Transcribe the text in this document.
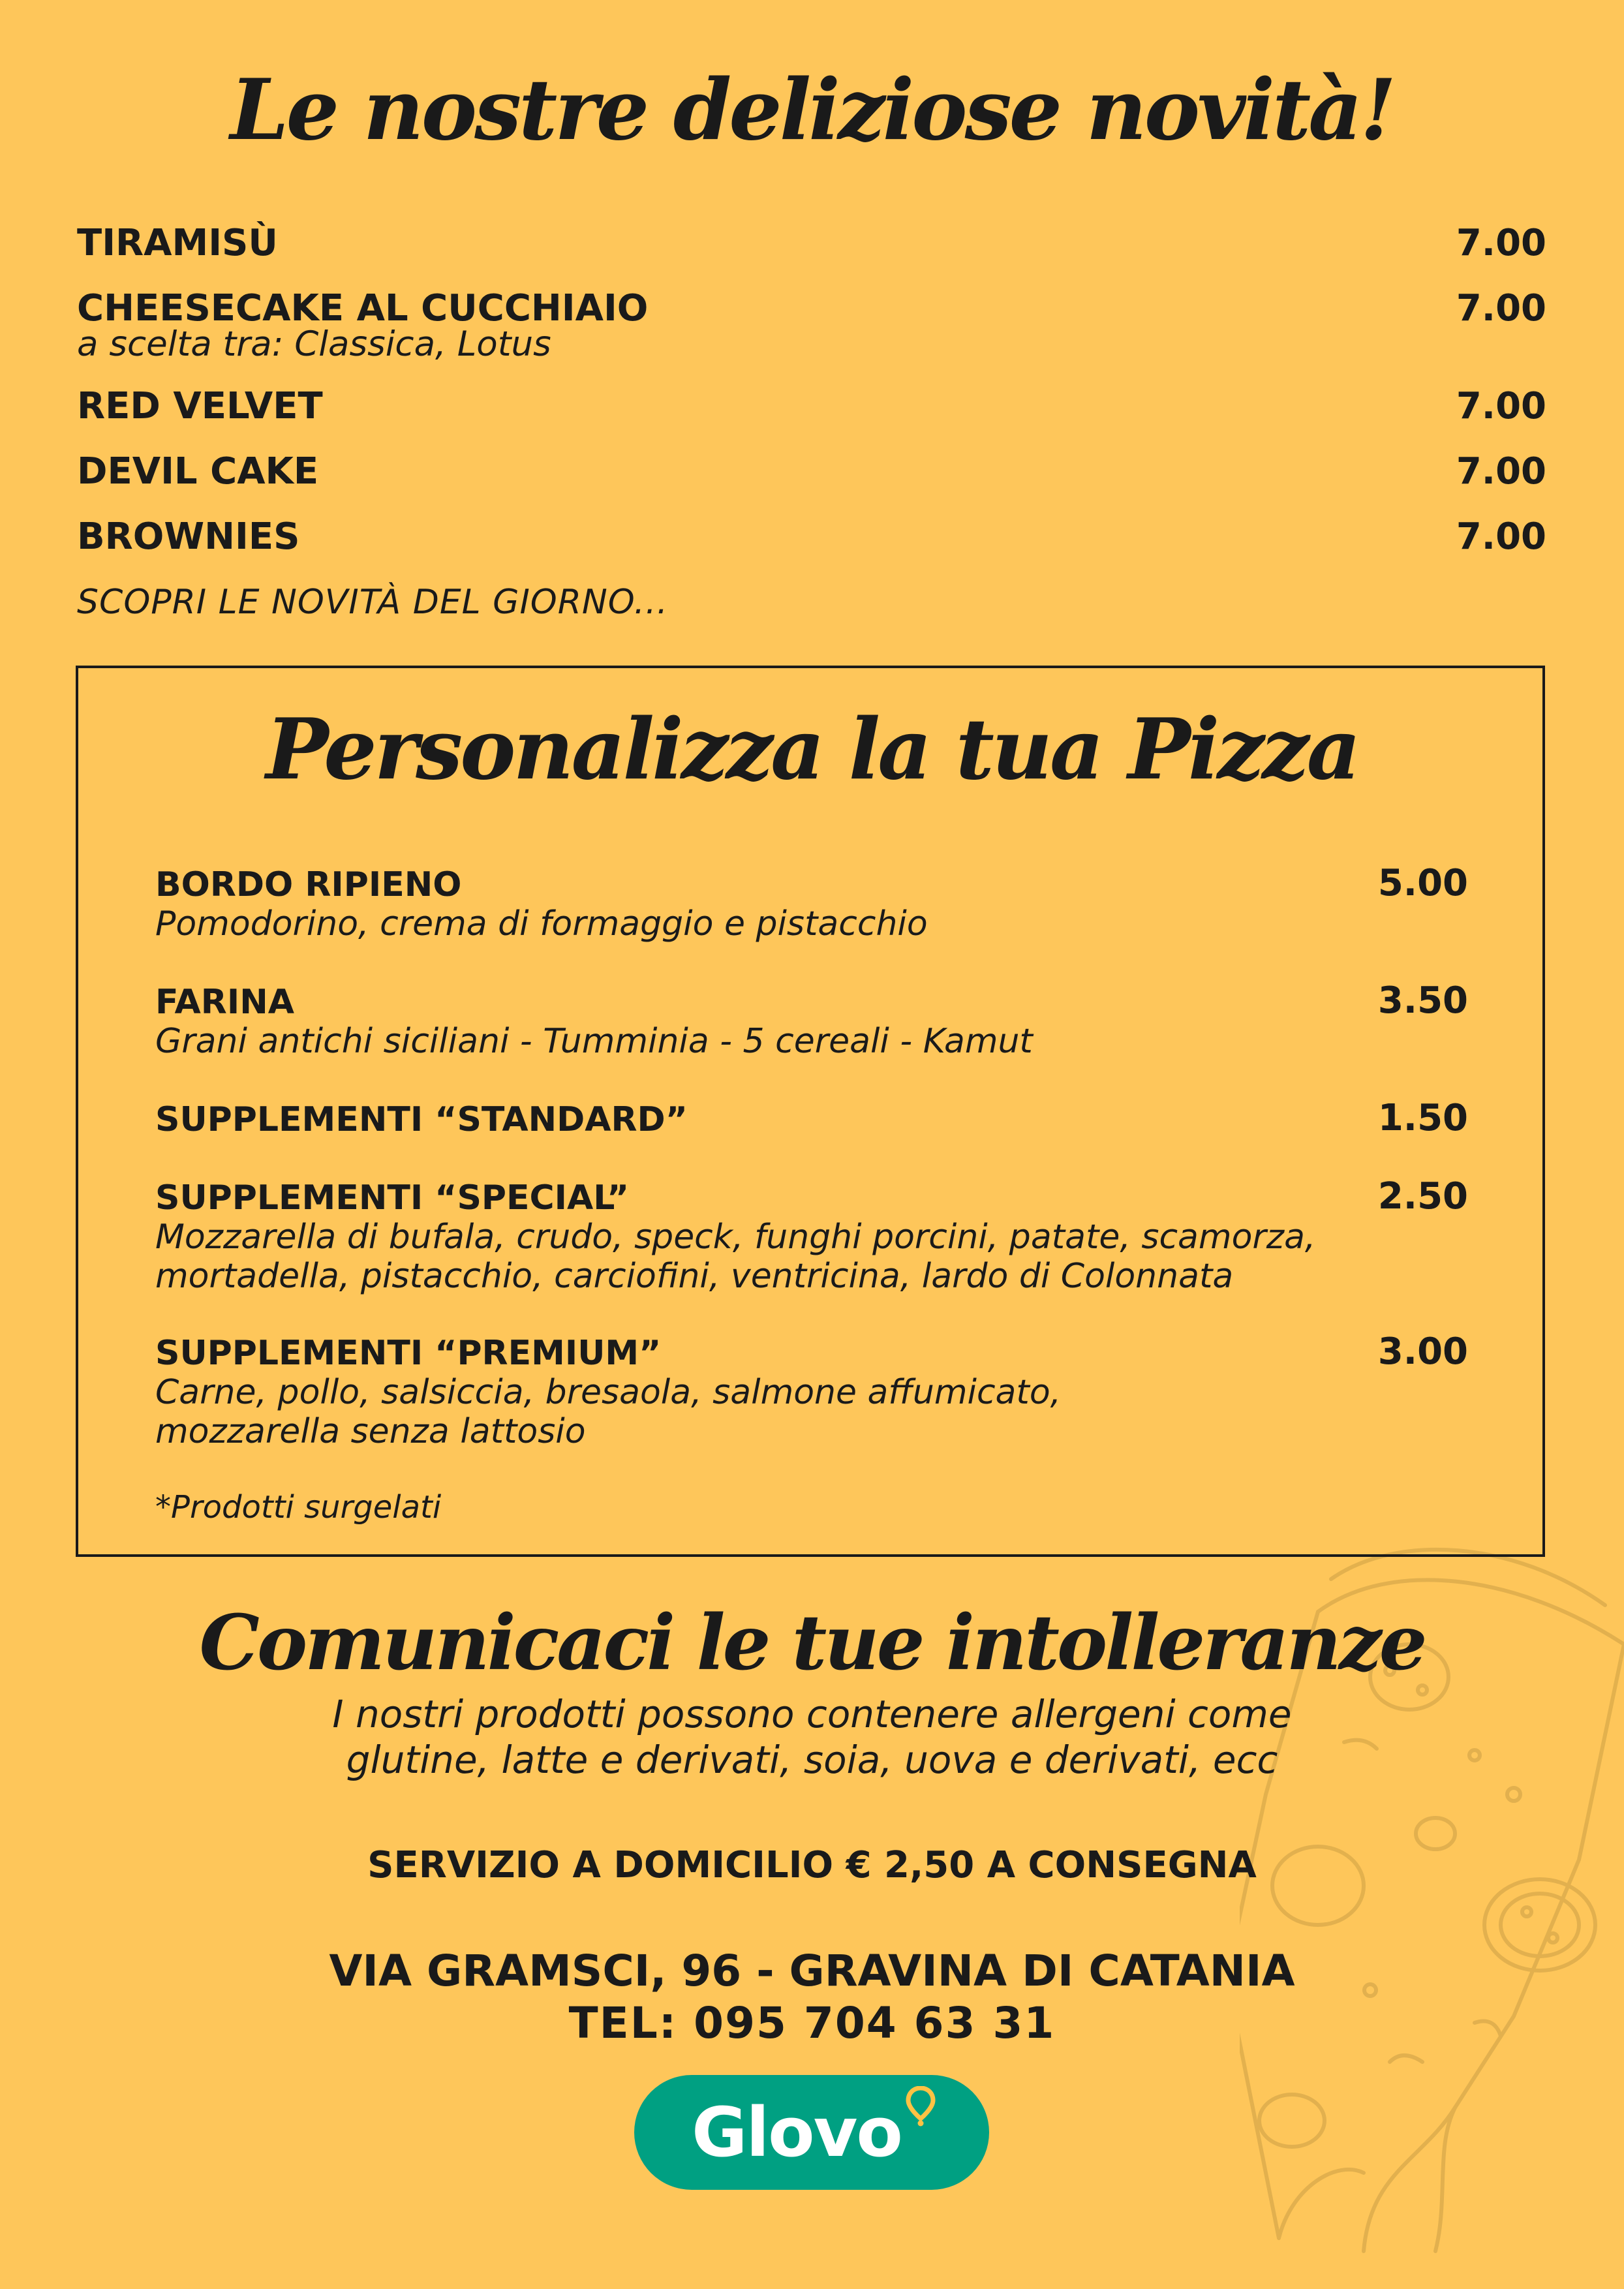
Le nostre deliziose novità!
TIRAMISÙ	7.00
CHEESECAKE AL CUCCHIAIO	7.00
a scelta tra: Classica, Lotus
RED VELVET	7.00
DEVIL CAKE	7.00
BROWNIES	7.00
SCOPRI LE NOVITÀ DEL GIORNO...
Personalizza la tua Pizza
BORDO RIPIENO	5.00
Pomodorino, crema di formaggio e pistacchio
FARINA	3.50
Grani antichi siciliani - Tumminia - 5 cereali - Kamut
SUPPLEMENTI “STANDARD”	1.50
SUPPLEMENTI “SPECIAL”	2.50
Mozzarella di bufala, crudo, speck, funghi porcini, patate, scamorza, mortadella, pistacchio, carciofini, ventricina, lardo di Colonnata
SUPPLEMENTI “PREMIUM”	3.00
Carne, pollo, salsiccia, bresaola, salmone affumicato, mozzarella senza lattosio
*Prodotti surgelati
Comunicaci le tue intolleranze
I nostri prodotti possono contenere allergeni come
glutine, latte e derivati, soia, uova e derivati, ecc
SERVIZIO A DOMICILIO € 2,50 A CONSEGNA
VIA GRAMSCI, 96 - GRAVINA DI CATANIA
TEL: 095 704 63 31
Glovo
